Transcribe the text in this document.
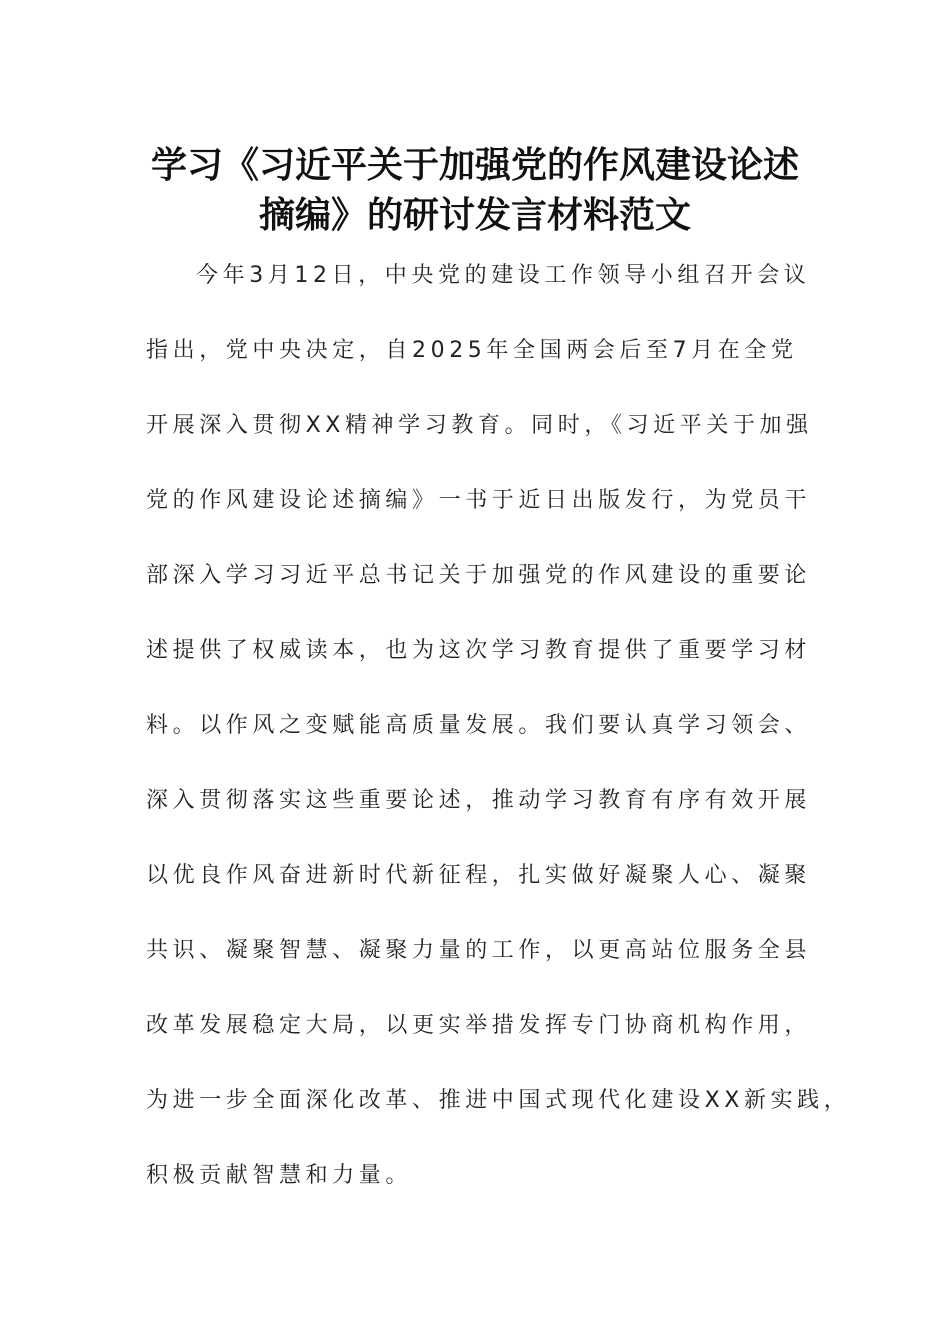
学习《习近平关于加强党的作风建设论述
摘编》的研讨发言材料范文
今年3月12日，中央党的建设工作领导小组召开会议
指出，党中央决定，自2025年全国两会后至7月在全党
开展深入贯彻XX精神学习教育。同时，《习近平关于加强
党的作风建设论述摘编》一书于近日出版发行，为党员干
部深入学习习近平总书记关于加强党的作风建设的重要论
述提供了权威读本，也为这次学习教育提供了重要学习材
料。以作风之变赋能高质量发展。我们要认真学习领会、
深入贯彻落实这些重要论述，推动学习教育有序有效开展
以优良作风奋进新时代新征程，扎实做好凝聚人心、凝聚
共识、凝聚智慧、凝聚力量的工作，以更高站位服务全县
改革发展稳定大局，以更实举措发挥专门协商机构作用，
为进一步全面深化改革、推进中国式现代化建设XX新实践，
积极贡献智慧和力量。
